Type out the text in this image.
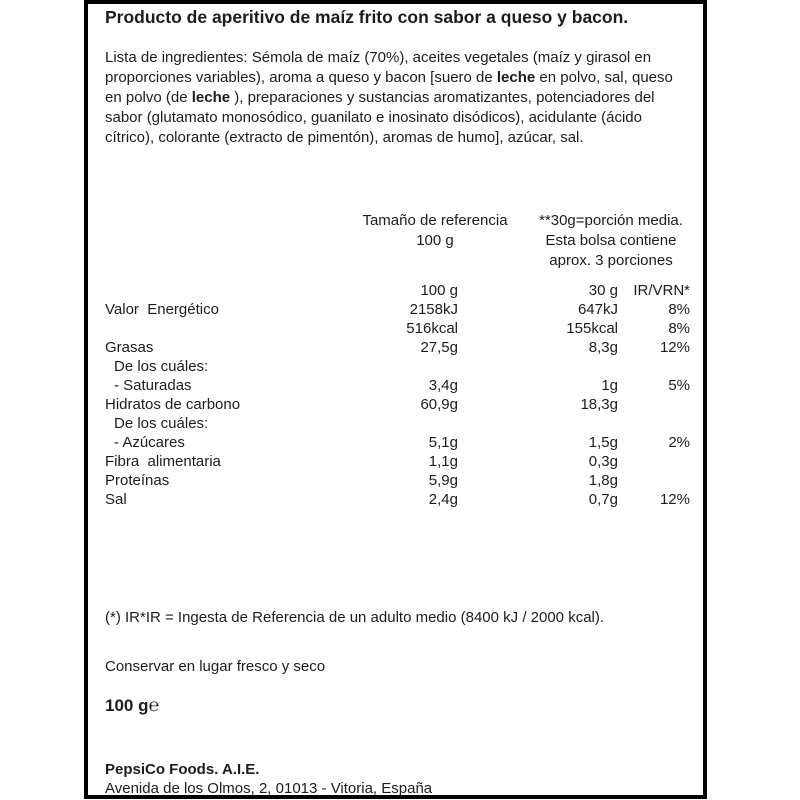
Producto de aperitivo de maíz frito con sabor a queso y bacon.

Lista de ingredientes: Sémola de maíz (70%), aceites vegetales (maíz y girasol en proporciones variables), aroma a queso y bacon [suero de leche en polvo, sal, queso en polvo (de leche ), preparaciones y sustancias aromatizantes, potenciadores del sabor (glutamato monosódico, guanilato e inosinato disódicos), acidulante (ácido cítrico), colorante (extracto de pimentón), aromas de humo], azúcar, sal.

Tamaño de referencia
100 g
**30g=porción media.
Esta bolsa contiene
aprox. 3 porciones
100 g	30 g	IR/VRN*
Valor  Energético	2158kJ	647kJ	8%
516kcal	155kcal	8%
Grasas	27,5g	8,3g	12%
De los cuáles:
- Saturadas	3,4g	1g	5%
Hidratos de carbono	60,9g	18,3g
De los cuáles:
- Azúcares	5,1g	1,5g	2%
Fibra  alimentaria	1,1g	0,3g
Proteínas	5,9g	1,8g
Sal	2,4g	0,7g	12%

(*) IR*IR = Ingesta de Referencia de un adulto medio (8400 kJ / 2000 kcal).

Conservar en lugar fresco y seco

100 g℮

PepsiCo Foods. A.I.E.

Avenida de los Olmos, 2, 01013 - Vitoria, España
